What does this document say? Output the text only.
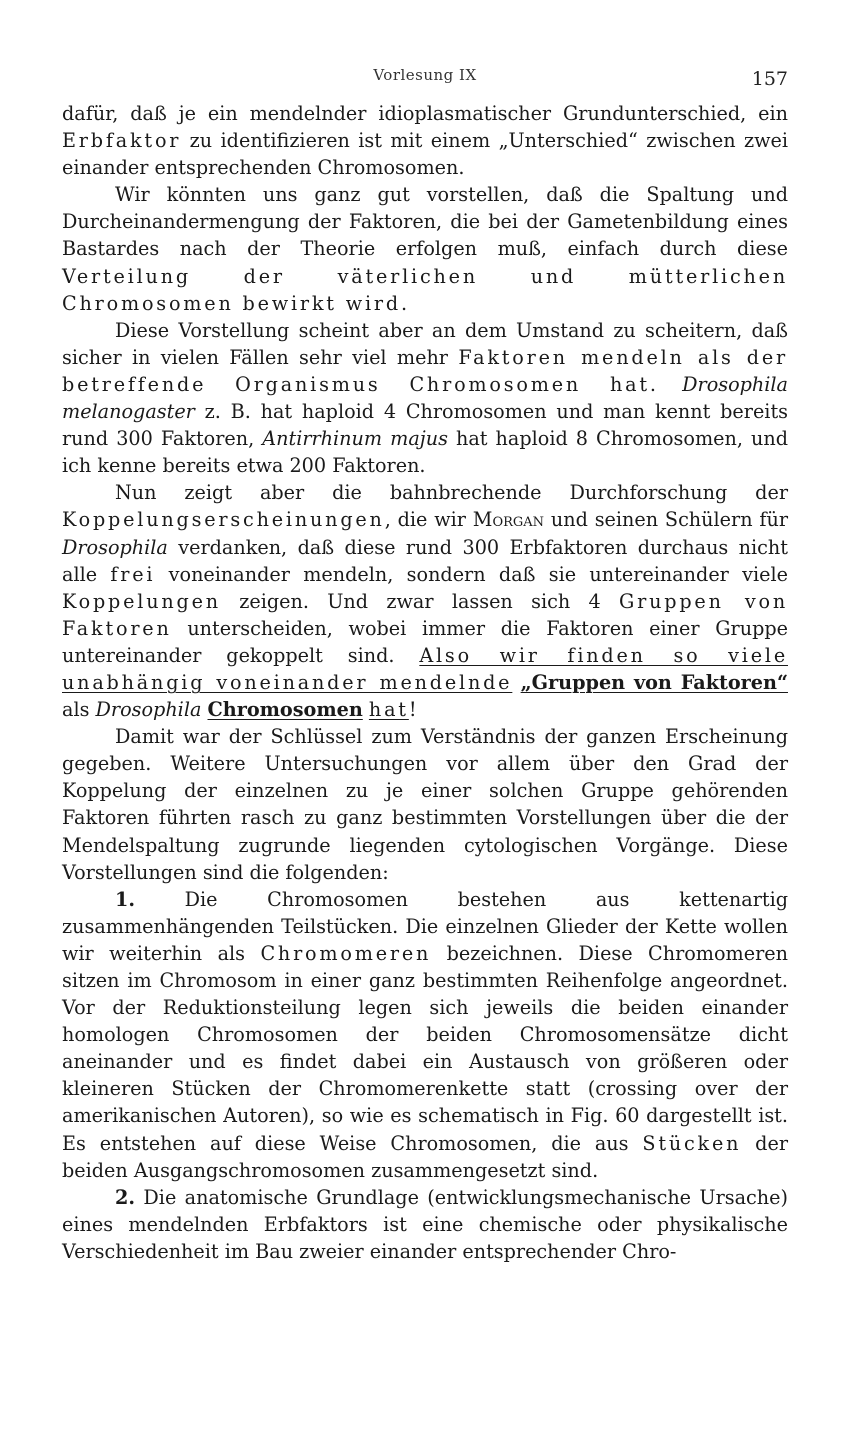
Vorlesung IX	157

dafür, daß je ein mendelnder idioplasmatischer Grundunterschied, ein Erbfaktor zu identifizieren ist mit einem „Unterschied“ zwischen zwei einander entsprechenden Chromosomen.

Wir könnten uns ganz gut vorstellen, daß die Spaltung und Durcheinandermengung der Faktoren, die bei der Gametenbildung eines Bastardes nach der Theorie erfolgen muß, einfach durch diese Verteilung der väterlichen und mütterlichen Chromosomen bewirkt wird.

Diese Vorstellung scheint aber an dem Umstand zu scheitern, daß sicher in vielen Fällen sehr viel mehr Faktoren mendeln als der betreffende Organismus Chromosomen hat. Drosophila melanogaster z. B. hat haploid 4 Chromosomen und man kennt bereits rund 300 Faktoren, Antirrhinum majus hat haploid 8 Chromosomen, und ich kenne bereits etwa 200 Faktoren.

Nun zeigt aber die bahnbrechende Durchforschung der Koppelungserscheinungen, die wir Morgan und seinen Schülern für Drosophila verdanken, daß diese rund 300 Erbfaktoren durchaus nicht alle frei voneinander mendeln, sondern daß sie untereinander viele Koppelungen zeigen. Und zwar lassen sich 4 Gruppen von Faktoren unterscheiden, wobei immer die Faktoren einer Gruppe untereinander gekoppelt sind. Also wir finden so viele unabhängig voneinander mendelnde „Gruppen von Faktoren“ als Drosophila Chromosomen hat!

Damit war der Schlüssel zum Verständnis der ganzen Erscheinung gegeben. Weitere Untersuchungen vor allem über den Grad der Koppelung der einzelnen zu je einer solchen Gruppe gehörenden Faktoren führten rasch zu ganz bestimmten Vorstellungen über die der Mendelspaltung zugrunde liegenden cytologischen Vorgänge. Diese Vorstellungen sind die folgenden:

1. Die Chromosomen bestehen aus kettenartig zusammenhängenden Teilstücken. Die einzelnen Glieder der Kette wollen wir weiterhin als Chromomeren bezeichnen. Diese Chromomeren sitzen im Chromosom in einer ganz bestimmten Reihenfolge angeordnet. Vor der Reduktionsteilung legen sich jeweils die beiden einander homologen Chromosomen der beiden Chromosomensätze dicht aneinander und es findet dabei ein Austausch von größeren oder kleineren Stücken der Chromomerenkette statt (crossing over der amerikanischen Autoren), so wie es schematisch in Fig. 60 dargestellt ist. Es entstehen auf diese Weise Chromosomen, die aus Stücken der beiden Ausgangschromosomen zusammengesetzt sind.

2. Die anatomische Grundlage (entwicklungsmechanische Ursache) eines mendelnden Erbfaktors ist eine chemische oder physikalische Verschiedenheit im Bau zweier einander entsprechender Chro-
